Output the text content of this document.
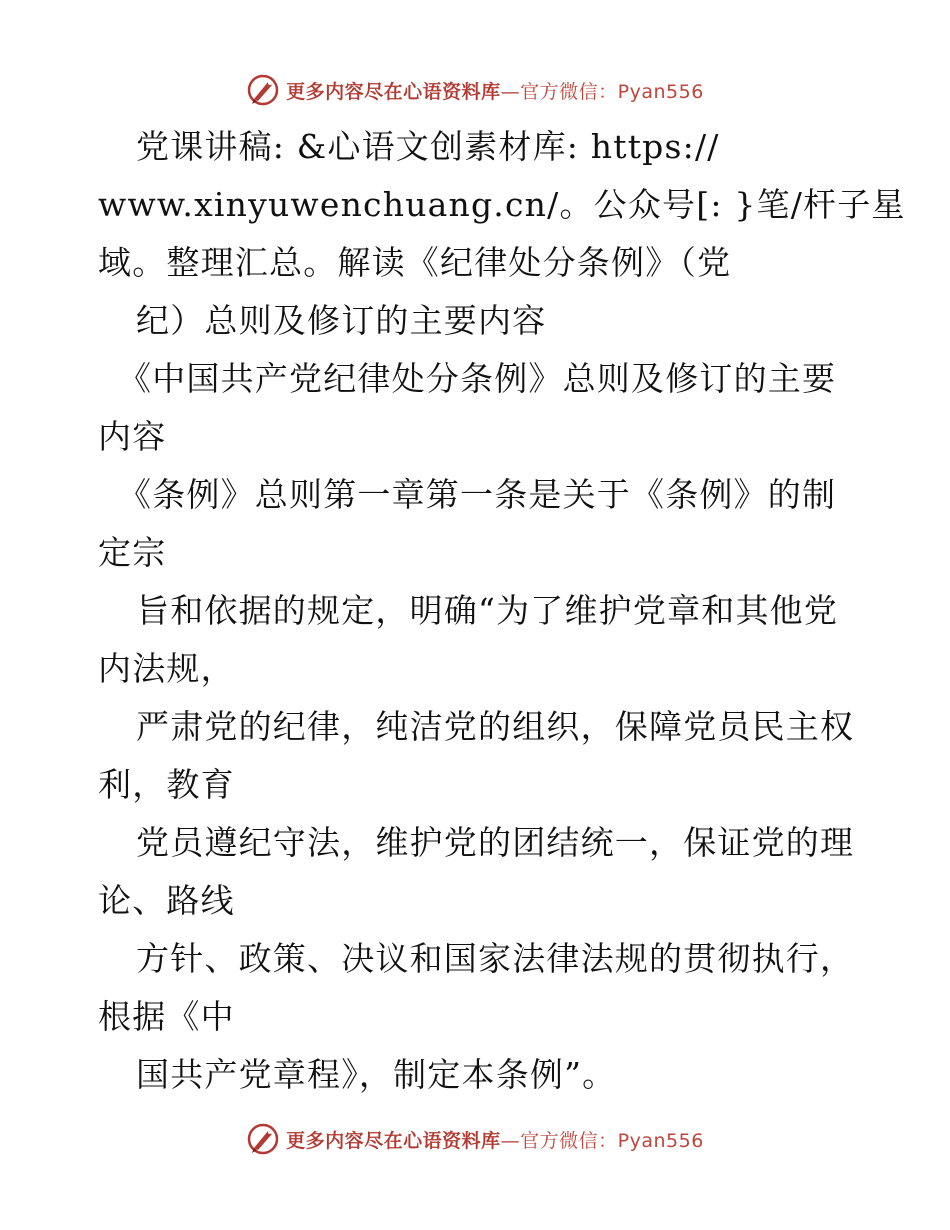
更多内容尽在心语资料库—官方微信：Pyan556
党课讲稿: &心语文创素材库: https://
www.xinyuwenchuang.cn/。公众号[: }笔/杆子星
域。整理汇总。解读《纪律处分条例》（党
纪）总则及修订的主要内容
《中国共产党纪律处分条例》总则及修订的主要
内容
《条例》总则第一章第一条是关于《条例》的制
定宗
旨和依据的规定，明确“为了维护党章和其他党
内法规，
严肃党的纪律，纯洁党的组织，保障党员民主权
利，教育
党员遵纪守法，维护党的团结统一，保证党的理
论、路线
方针、政策、决议和国家法律法规的贯彻执行，
根据《中
国共产党章程》，制定本条例”。
更多内容尽在心语资料库—官方微信：Pyan556
